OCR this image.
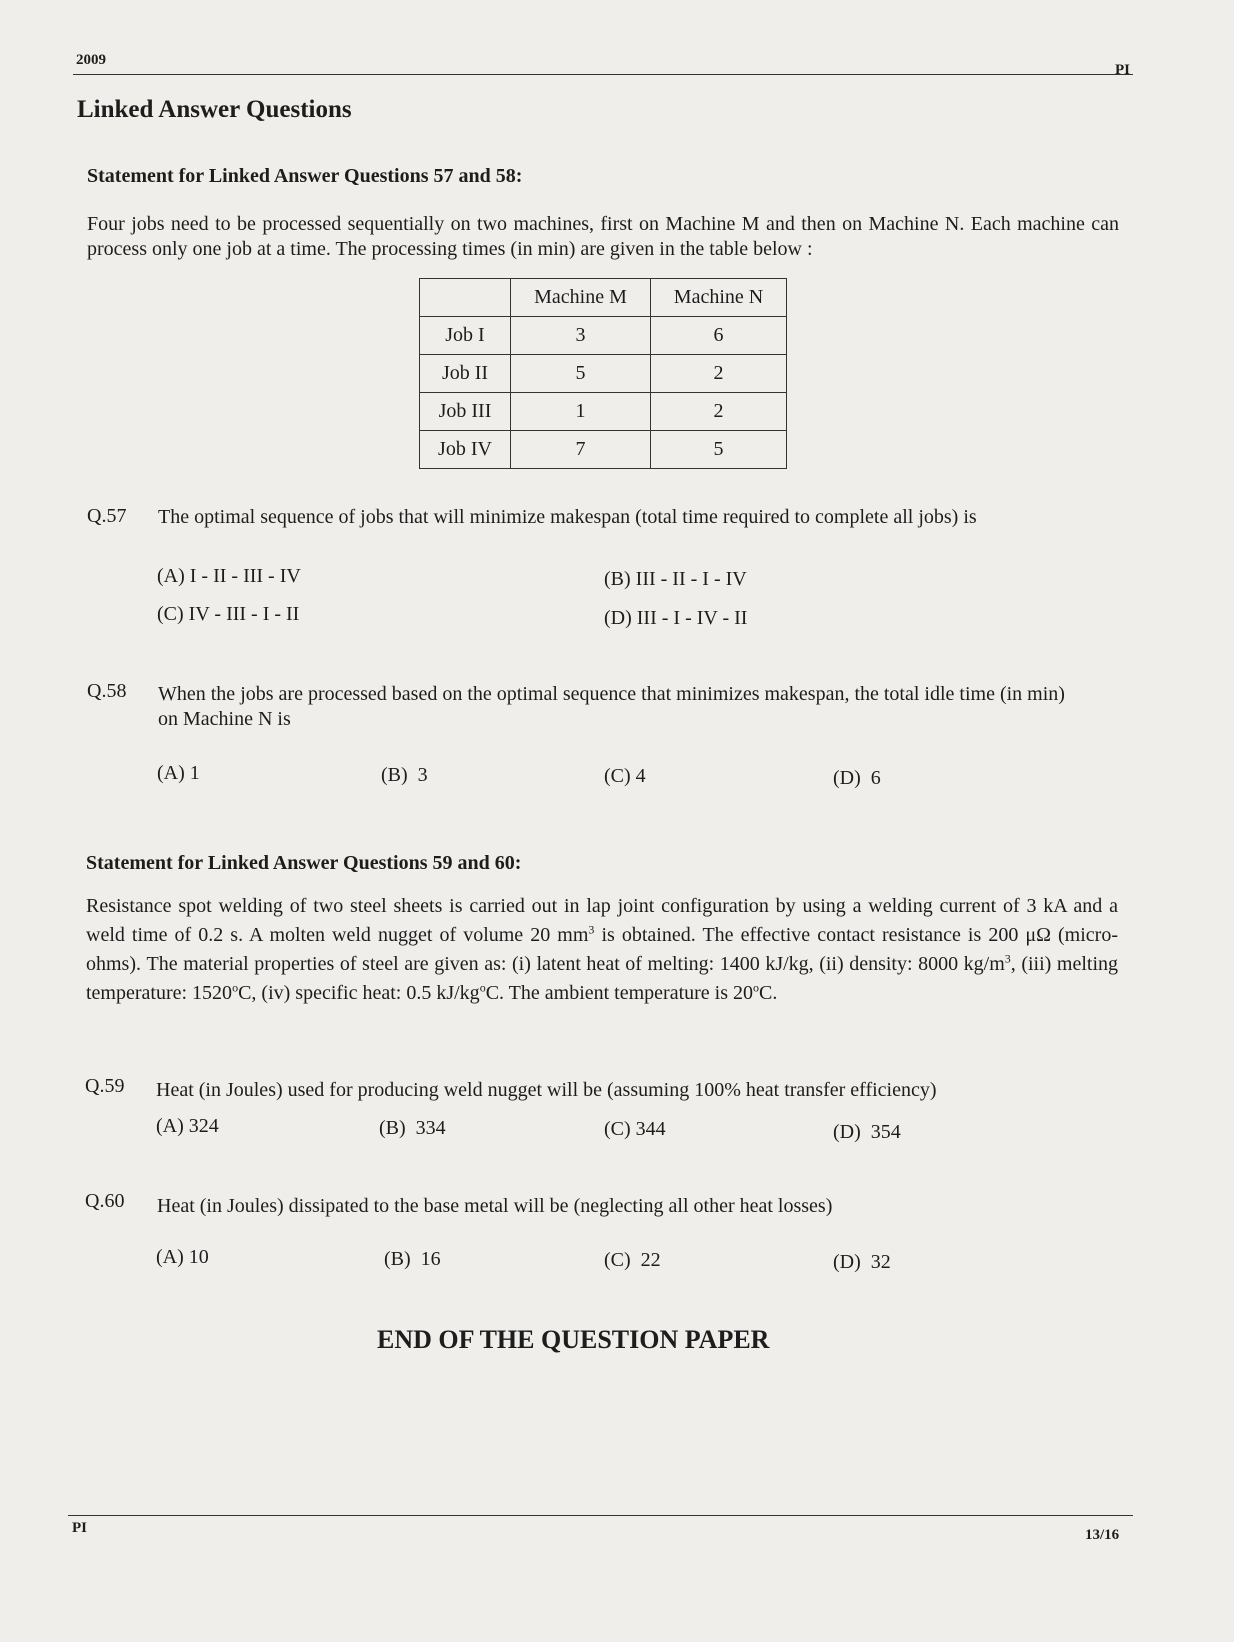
2009
PI
Linked Answer Questions
Statement for Linked Answer Questions 57 and 58:
Four jobs need to be processed sequentially on two machines, first on Machine M and then on Machine N. Each machine can process only one job at a time. The processing times (in min) are given in the table below :
	Machine M	Machine N
Job I	3	6
Job II	5	2
Job III	1	2
Job IV	7	5
Q.57 The optimal sequence of jobs that will minimize makespan (total time required to complete all jobs) is
(A) I - II - III - IV	(B) III - II - I - IV
(C) IV - III - I - II	(D) III - I - IV - II
Q.58 When the jobs are processed based on the optimal sequence that minimizes makespan, the total idle time (in min) on Machine N is
(A) 1	(B)  3	(C) 4	(D)  6
Statement for Linked Answer Questions 59 and 60:
Resistance spot welding of two steel sheets is carried out in lap joint configuration by using a welding current of 3 kA and a weld time of 0.2 s. A molten weld nugget of volume 20 $mm^3$ is obtained. The effective contact resistance is 200 μΩ (micro-ohms). The material properties of steel are given as: (i) latent heat of melting: 1400 kJ/kg, (ii) density: 8000 $kg/m^3$, (iii) melting temperature: 1520$^o$C, (iv) specific heat: 0.5 $kJ/kg^oC$. The ambient temperature is 20$^o$C.
Q.59 Heat (in Joules) used for producing weld nugget will be (assuming 100% heat transfer efficiency)
(A) 324	(B)  334	(C) 344	(D)  354
Q.60 Heat (in Joules) dissipated to the base metal will be (neglecting all other heat losses)
(A) 10	(B)  16	(C)  22	(D)  32
END OF THE QUESTION PAPER
PI	13/16
